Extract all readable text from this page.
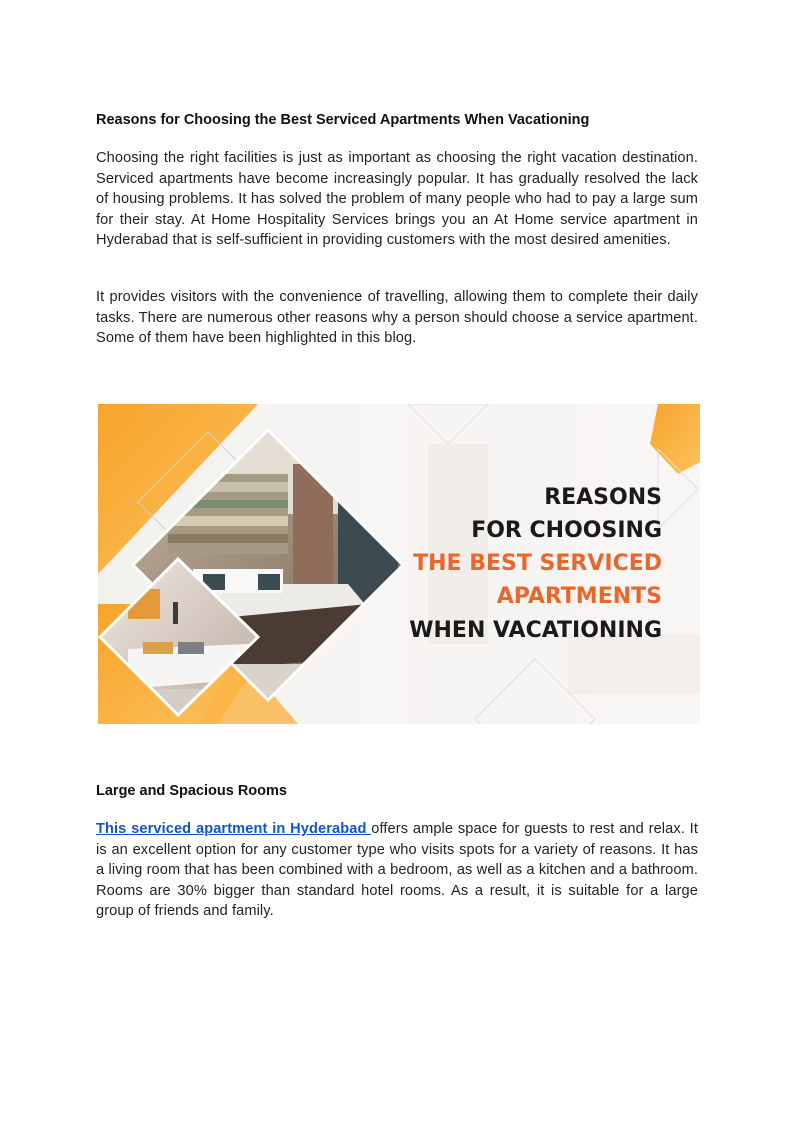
Reasons for Choosing the Best Serviced Apartments When Vacationing

Choosing the right facilities is just as important as choosing the right vacation destination. Serviced apartments have become increasingly popular. It has gradually resolved the lack of housing problems. It has solved the problem of many people who had to pay a large sum for their stay. At Home Hospitality Services brings you an At Home service apartment in Hyderabad that is self-sufficient in providing customers with the most desired amenities.

It provides visitors with the convenience of travelling, allowing them to complete their daily tasks. There are numerous other reasons why a person should choose a service apartment. Some of them have been highlighted in this blog.

Large and Spacious Rooms

This serviced apartment in Hyderabad offers ample space for guests to rest and relax. It is an excellent option for any customer type who visits spots for a variety of reasons. It has a living room that has been combined with a bedroom, as well as a kitchen and a bathroom. Rooms are 30% bigger than standard hotel rooms. As a result, it is suitable for a large group of friends and family.

REASONS
FOR CHOOSING
THE BEST SERVICED
APARTMENTS
WHEN VACATIONING
